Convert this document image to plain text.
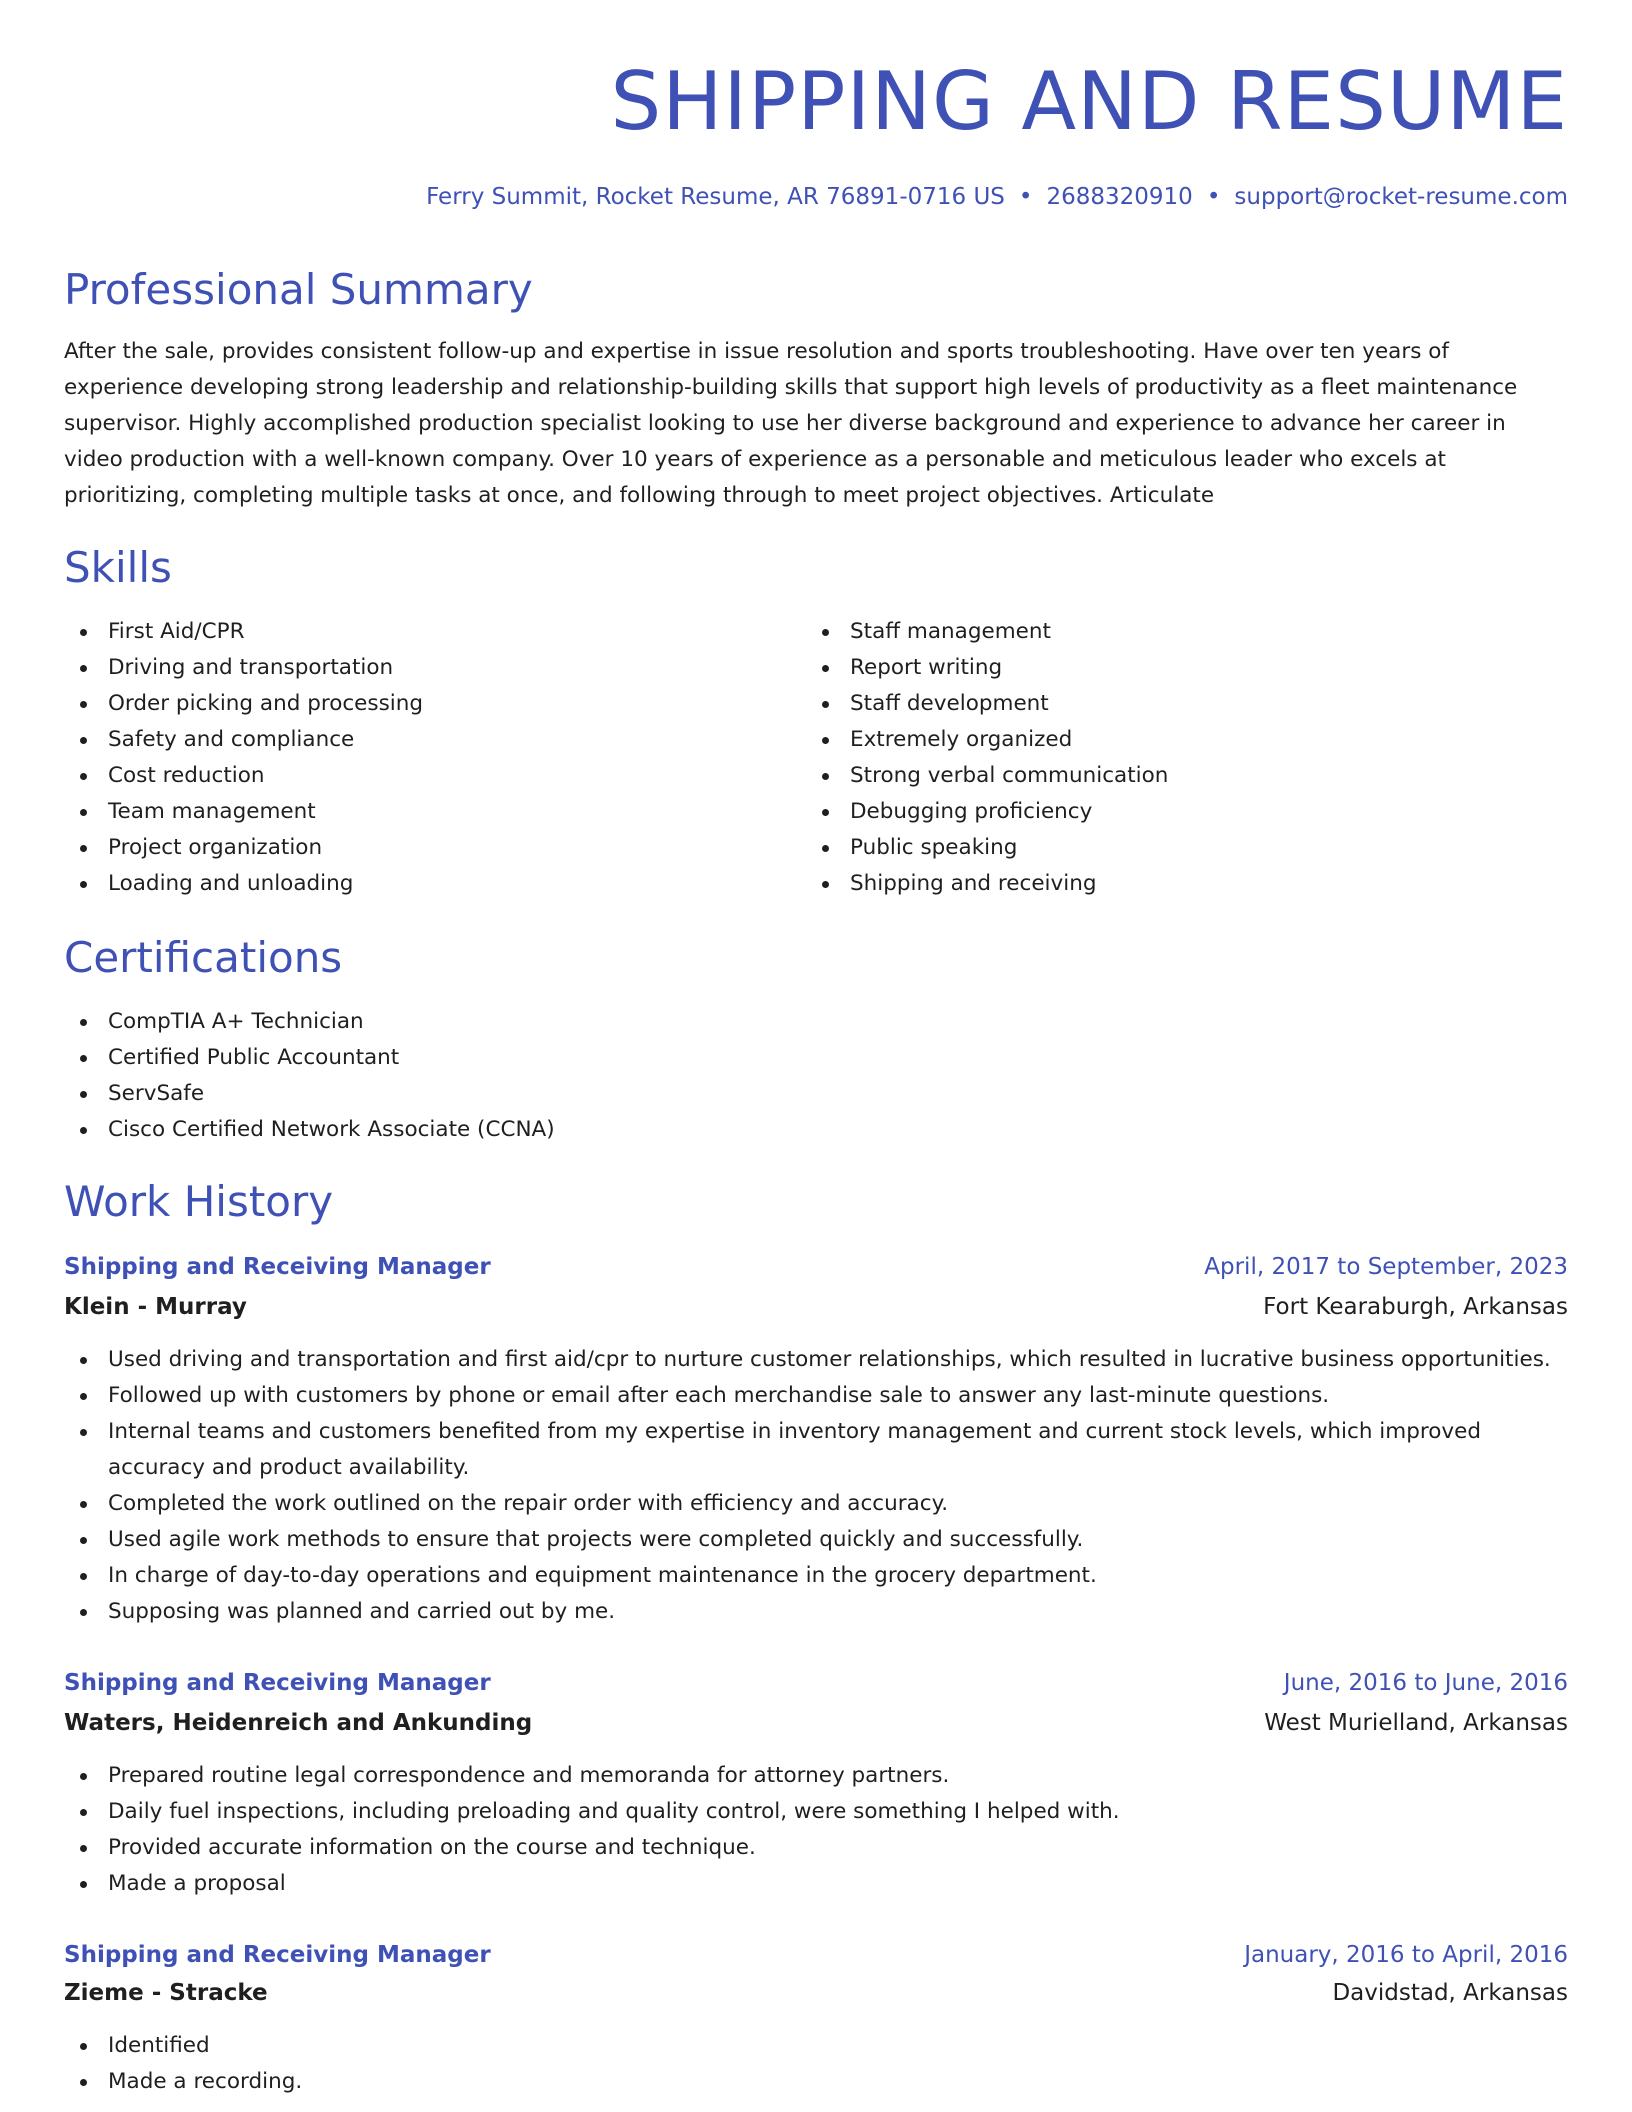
SHIPPING AND RESUME
Ferry Summit, Rocket Resume, AR 76891-0716 US • 2688320910 • support@rocket-resume.com
Professional Summary

After the sale, provides consistent follow-up and expertise in issue resolution and sports troubleshooting. Have over ten years of experience developing strong leadership and relationship-building skills that support high levels of productivity as a fleet maintenance supervisor. Highly accomplished production specialist looking to use her diverse background and experience to advance her career in video production with a well-known company. Over 10 years of experience as a personable and meticulous leader who excels at prioritizing, completing multiple tasks at once, and following through to meet project objectives. Articulate

Skills
First Aid/CPR
Driving and transportation
Order picking and processing
Safety and compliance
Cost reduction
Team management
Project organization
Loading and unloading
Staff management
Report writing
Staff development
Extremely organized
Strong verbal communication
Debugging proficiency
Public speaking
Shipping and receiving
Certifications
CompTIA A+ Technician
Certified Public Accountant
ServSafe
Cisco Certified Network Associate (CCNA)
Work History
Shipping and Receiving Manager	April, 2017 to September, 2023
Klein - Murray	Fort Kearaburgh, Arkansas
Used driving and transportation and first aid/cpr to nurture customer relationships, which resulted in lucrative business opportunities.
Followed up with customers by phone or email after each merchandise sale to answer any last-minute questions.
Internal teams and customers benefited from my expertise in inventory management and current stock levels, which improved accuracy and product availability.
Completed the work outlined on the repair order with efficiency and accuracy.
Used agile work methods to ensure that projects were completed quickly and successfully.
In charge of day-to-day operations and equipment maintenance in the grocery department.
Supposing was planned and carried out by me.
Shipping and Receiving Manager	June, 2016 to June, 2016
Waters, Heidenreich and Ankunding	West Murielland, Arkansas
Prepared routine legal correspondence and memoranda for attorney partners.
Daily fuel inspections, including preloading and quality control, were something I helped with.
Provided accurate information on the course and technique.
Made a proposal
Shipping and Receiving Manager	January, 2016 to April, 2016
Zieme - Stracke	Davidstad, Arkansas
Identified
Made a recording.
